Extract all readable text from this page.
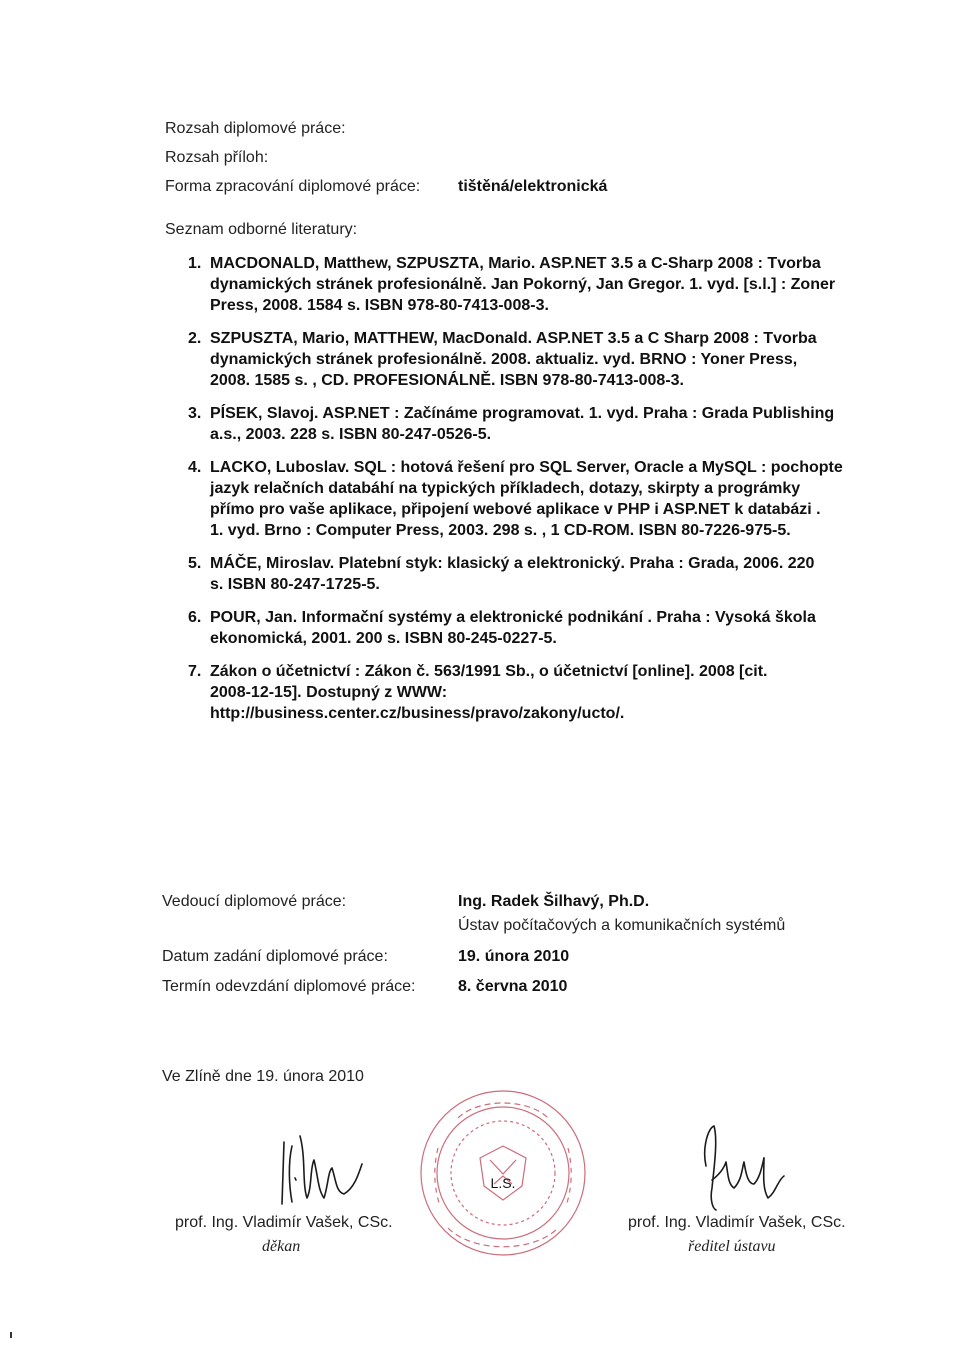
Rozsah diplomové práce:
Rozsah příloh:
Forma zpracování diplomové práce: tištěná/elektronická
Seznam odborné literatury:
1. MACDONALD, Matthew, SZPUSZTA, Mario. ASP.NET 3.5 a C-Sharp 2008 : Tvorba
dynamických stránek profesionálně. Jan Pokorný, Jan Gregor. 1. vyd. [s.l.] : Zoner
Press, 2008. 1584 s. ISBN 978-80-7413-008-3.
2. SZPUSZTA, Mario, MATTHEW, MacDonald. ASP.NET 3.5 a C Sharp 2008 : Tvorba
dynamických stránek profesionálně. 2008. aktualiz. vyd. BRNO : Yoner Press,
2008. 1585 s. , CD. PROFESIONÁLNĚ. ISBN 978-80-7413-008-3.
3. PÍSEK, Slavoj. ASP.NET : Začínáme programovat. 1. vyd. Praha : Grada Publishing
a.s., 2003. 228 s. ISBN 80-247-0526-5.
4. LACKO, Luboslav. SQL : hotová řešení pro SQL Server, Oracle a MySQL : pochopte
jazyk relačních databáhí na typických příkladech, dotazy, skirpty a prográmky
přímo pro vaše aplikace, připojení webové aplikace v PHP i ASP.NET k databázi .
1. vyd. Brno : Computer Press, 2003. 298 s. , 1 CD-ROM. ISBN 80-7226-975-5.
5. MÁČE, Miroslav. Platební styk: klasický a elektronický. Praha : Grada, 2006. 220
s. ISBN 80-247-1725-5.
6. POUR, Jan. Informační systémy a elektronické podnikání . Praha : Vysoká škola
ekonomická, 2001. 200 s. ISBN 80-245-0227-5.
7. Zákon o účetnictví : Zákon č. 563/1991 Sb., o účetnictví [online]. 2008 [cit.
2008-12-15]. Dostupný z WWW:
http://business.center.cz/business/pravo/zakony/ucto/.
Vedoucí diplomové práce:	Ing. Radek Šilhavý, Ph.D.
Ústav počítačových a komunikačních systémů
Datum zadání diplomové práce:	19. února 2010
Termín odevzdání diplomové práce:	8. června 2010
Ve Zlíně dne 19. února 2010
prof. Ing. Vladimír Vašek, CSc.
děkan
L.S.
prof. Ing. Vladimír Vašek, CSc.
ředitel ústavu
